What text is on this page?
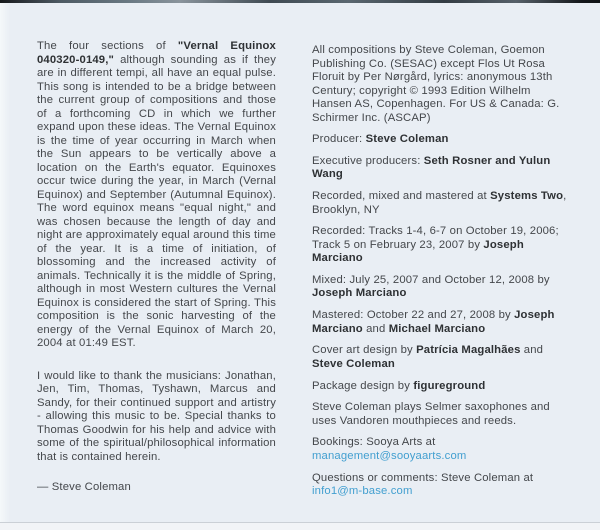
The four sections of "Vernal Equinox 040320-0149," although sounding as if they are in different tempi, all have an equal pulse. This song is intended to be a bridge between the current group of compositions and those of a forthcoming CD in which we further expand upon these ideas. The Vernal Equinox is the time of year occurring in March when the Sun appears to be vertically above a location on the Earth's equator. Equinoxes occur twice during the year, in March (Vernal Equinox) and September (Autumnal Equinox). The word equinox means "equal night," and was chosen because the length of day and night are approximately equal around this time of the year. It is a time of initiation, of blossoming and the increased activity of animals. Technically it is the middle of Spring, although in most Western cultures the Vernal Equinox is considered the start of Spring. This composition is the sonic harvesting of the energy of the Vernal Equinox of March 20, 2004 at 01:49 EST.

I would like to thank the musicians: Jonathan, Jen, Tim, Thomas, Tyshawn, Marcus and Sandy, for their continued support and artistry - allowing this music to be. Special thanks to Thomas Goodwin for his help and advice with some of the spiritual/philosophical information that is contained herein.

— Steve Coleman

All compositions by Steve Coleman, Goemon Publishing Co. (SESAC) except Flos Ut Rosa Floruit by Per Nørgård, lyrics: anonymous 13th Century; copyright © 1993 Edition Wilhelm Hansen AS, Copenhagen. For US & Canada: G. Schirmer Inc. (ASCAP)

Producer: Steve Coleman

Executive producers: Seth Rosner and Yulun Wang

Recorded, mixed and mastered at Systems Two, Brooklyn, NY

Recorded: Tracks 1-4, 6-7 on October 19, 2006; Track 5 on February 23, 2007 by Joseph Marciano

Mixed: July 25, 2007 and October 12, 2008 by Joseph Marciano

Mastered: October 22 and 27, 2008 by Joseph Marciano and Michael Marciano

Cover art design by Patrícia Magalhães and Steve Coleman

Package design by figureground

Steve Coleman plays Selmer saxophones and uses Vandoren mouthpieces and reeds.

Bookings: Sooya Arts at management@sooyaarts.com

Questions or comments: Steve Coleman at info1@m-base.com
